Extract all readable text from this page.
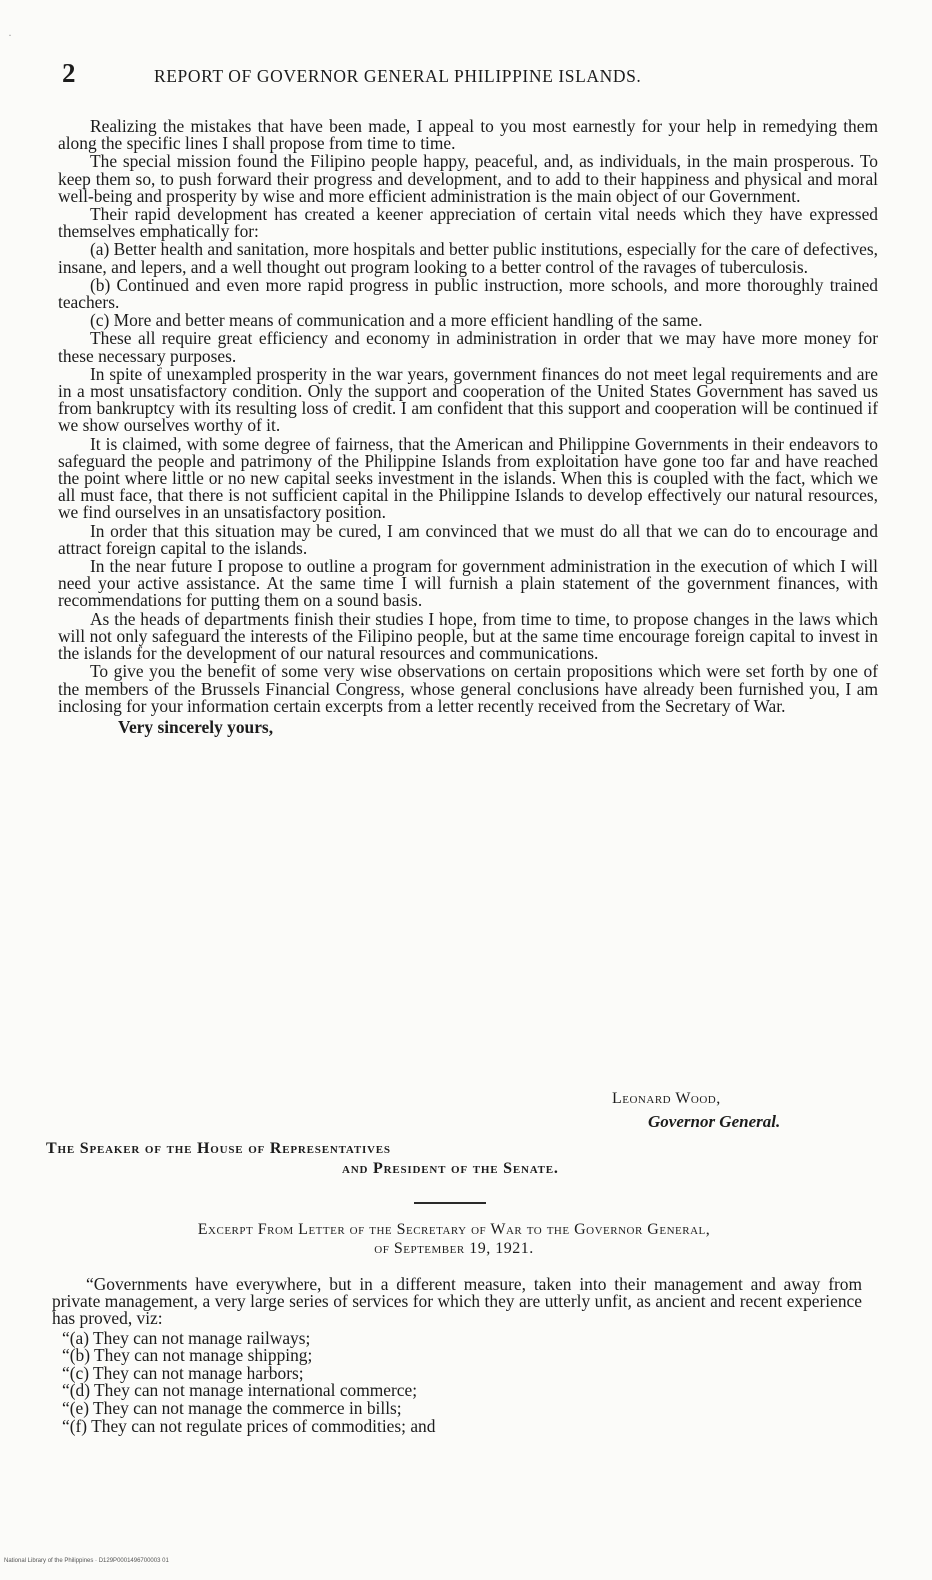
·
2	REPORT OF GOVERNOR GENERAL PHILIPPINE ISLANDS.

Realizing the mistakes that have been made, I appeal to you most earnestly for your help in remedying them along the specific lines I shall propose from time to time.

The special mission found the Filipino people happy, peaceful, and, as individuals, in the main prosperous. To keep them so, to push forward their progress and development, and to add to their happiness and physical and moral well-being and prosperity by wise and more efficient administration is the main object of our Government.

Their rapid development has created a keener appreciation of certain vital needs which they have expressed themselves emphatically for:

(a) Better health and sanitation, more hospitals and better public institutions, especially for the care of defectives, insane, and lepers, and a well thought out program looking to a better control of the ravages of tuberculosis.

(b) Continued and even more rapid progress in public instruction, more schools, and more thoroughly trained teachers.

(c) More and better means of communication and a more efficient handling of the same.

These all require great efficiency and economy in administration in order that we may have more money for these necessary purposes.

In spite of unexampled prosperity in the war years, government finances do not meet legal requirements and are in a most unsatisfactory condition. Only the support and cooperation of the United States Government has saved us from bankruptcy with its resulting loss of credit. I am confident that this support and cooperation will be continued if we show ourselves worthy of it.

It is claimed, with some degree of fairness, that the American and Philippine Governments in their endeavors to safeguard the people and patrimony of the Philippine Islands from exploitation have gone too far and have reached the point where little or no new capital seeks investment in the islands. When this is coupled with the fact, which we all must face, that there is not sufficient capital in the Philippine Islands to develop effectively our natural resources, we find ourselves in an unsatisfactory position.

In order that this situation may be cured, I am convinced that we must do all that we can do to encourage and attract foreign capital to the islands.

In the near future I propose to outline a program for government administration in the execution of which I will need your active assistance. At the same time I will furnish a plain statement of the government finances, with recommendations for putting them on a sound basis.

As the heads of departments finish their studies I hope, from time to time, to propose changes in the laws which will not only safeguard the interests of the Filipino people, but at the same time encourage foreign capital to invest in the islands for the development of our natural resources and communications.

To give you the benefit of some very wise observations on certain propositions which were set forth by one of the members of the Brussels Financial Congress, whose general conclusions have already been furnished you, I am inclosing for your information certain excerpts from a letter recently received from the Secretary of War.

Very sincerely yours,
Leonard Wood,
Governor General.
The Speaker of the House of Representatives
and President of the Senate.
Excerpt From Letter of the Secretary of War to the Governor General,
of September 19, 1921.

“Governments have everywhere, but in a different measure, taken into their management and away from private management, a very large series of services for which they are utterly unfit, as ancient and recent experience has proved, viz:

“(a) They can not manage railways;
“(b) They can not manage shipping;
“(c) They can not manage harbors;
“(d) They can not manage international commerce;
“(e) They can not manage the commerce in bills;
“(f) They can not regulate prices of commodities; and
National Library of the Philippines · D129P0001496700003 01
